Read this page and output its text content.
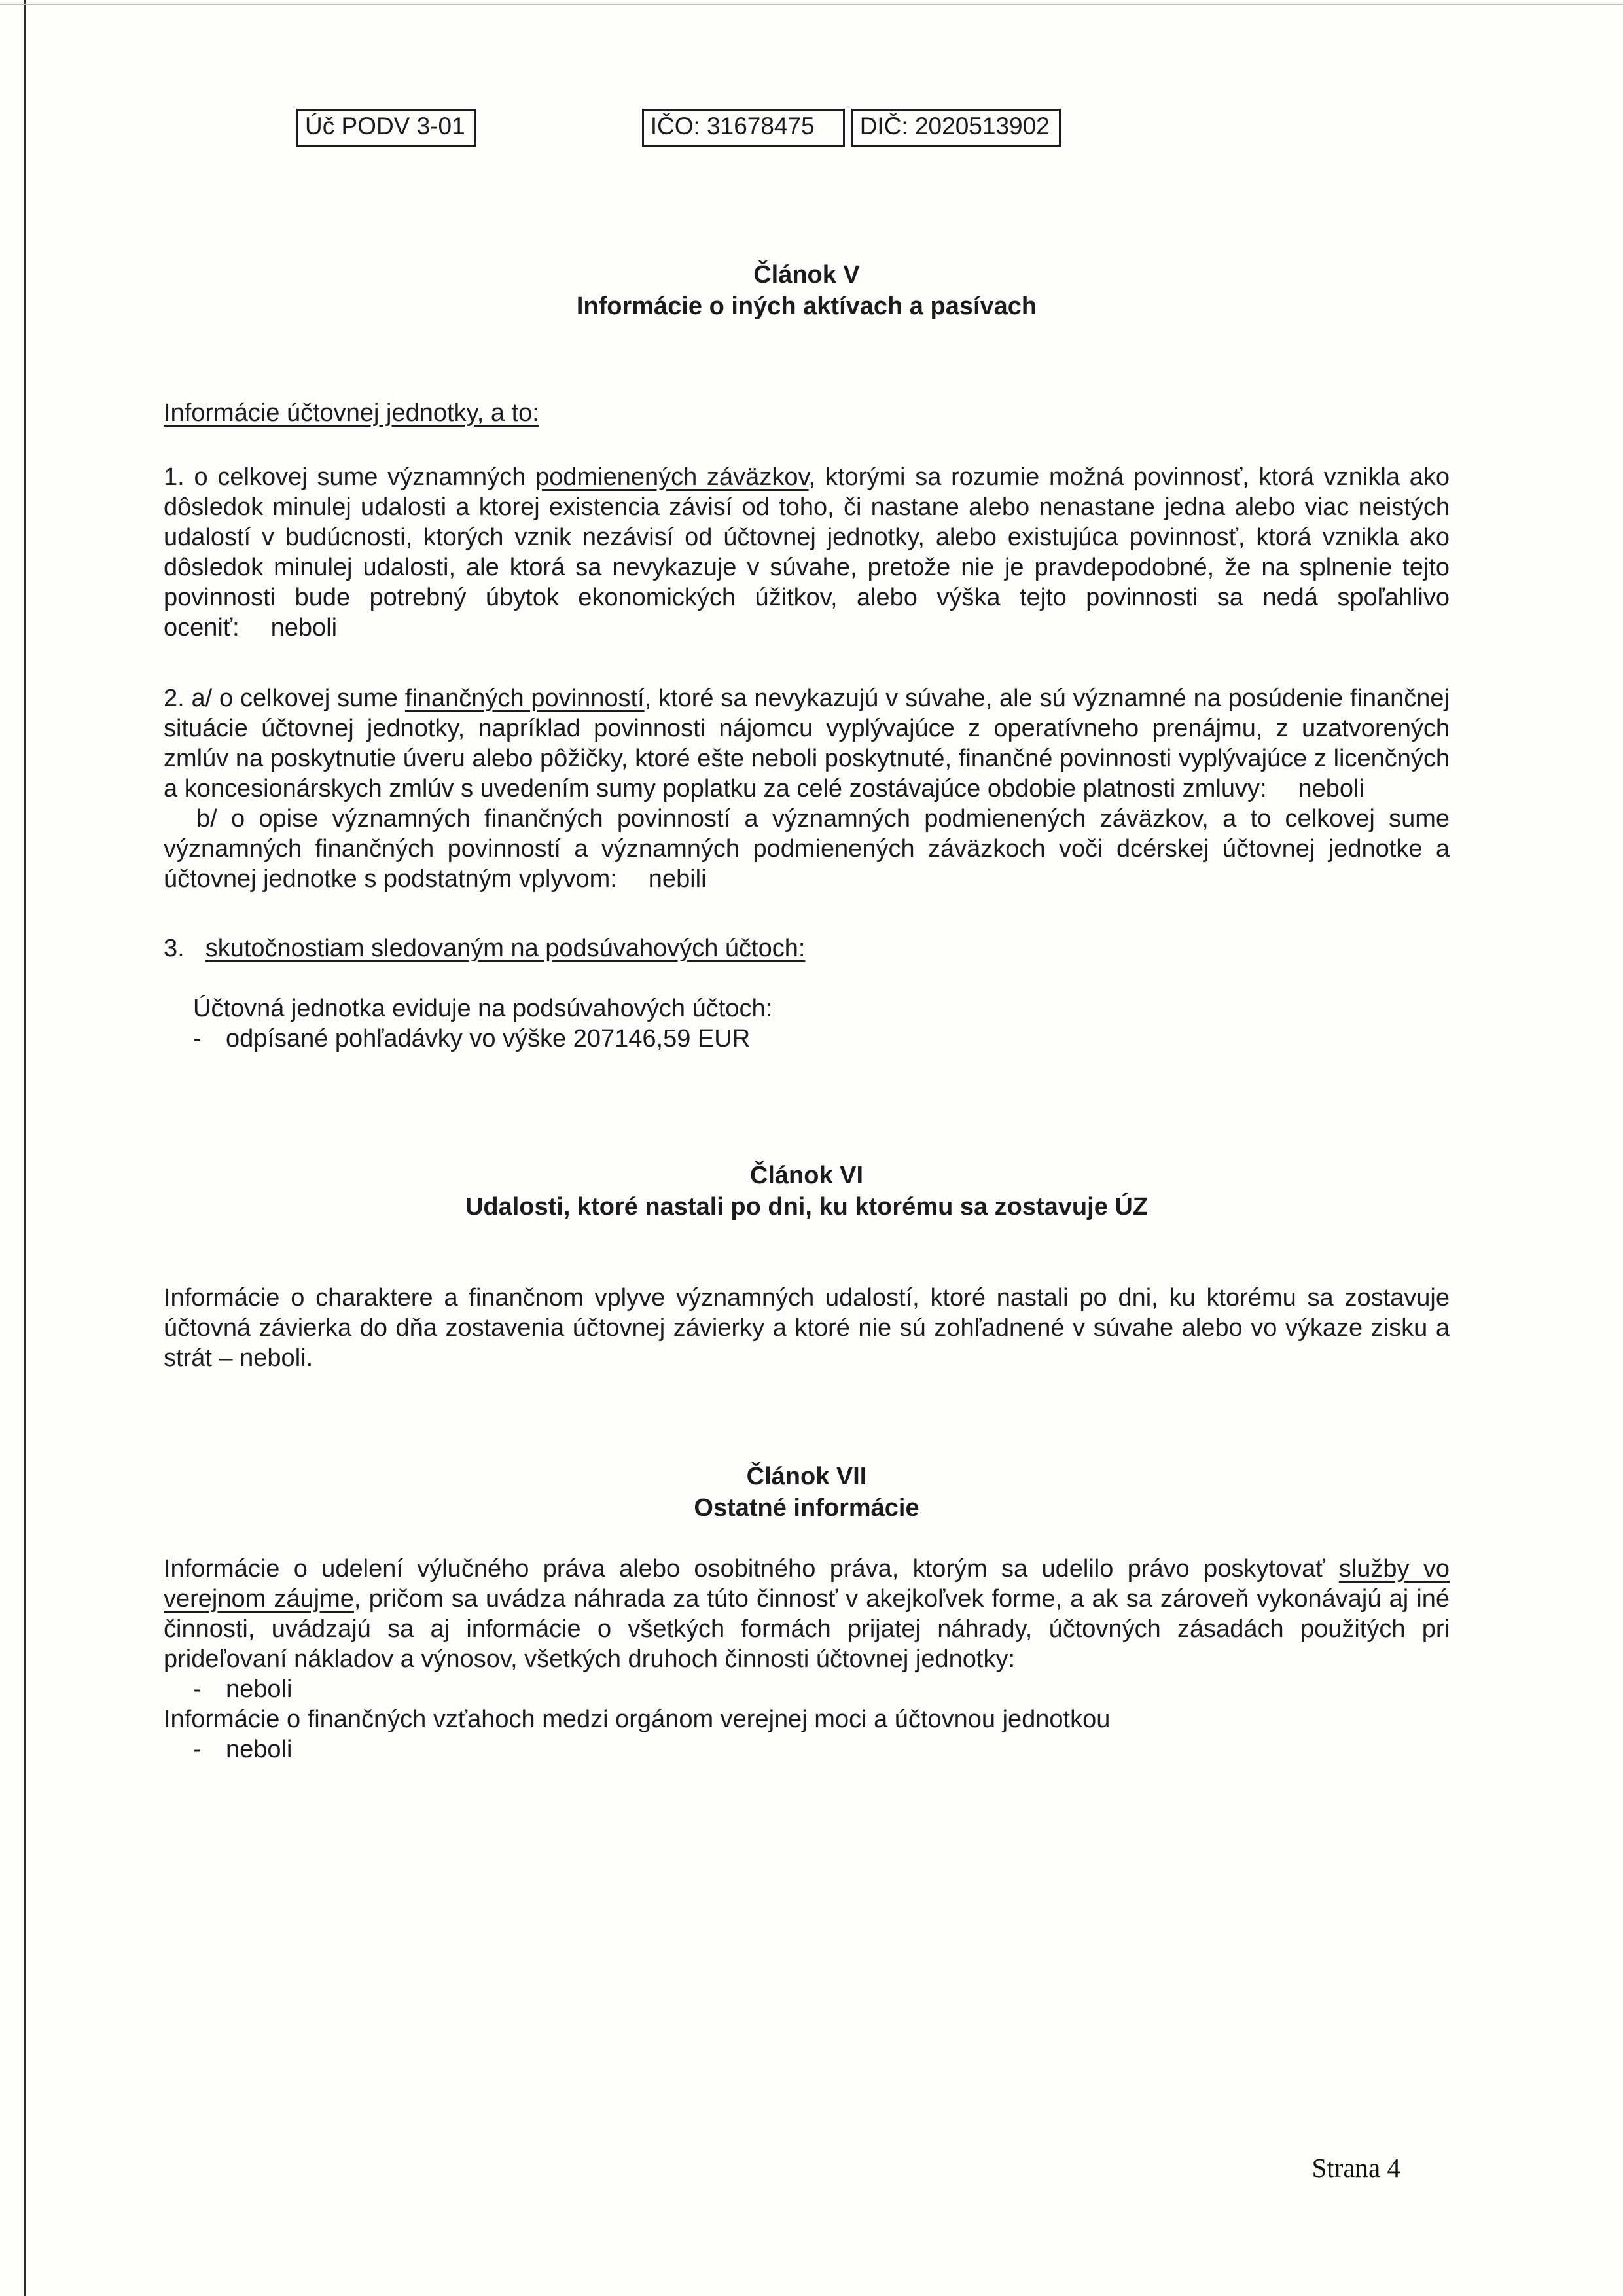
Úč PODV 3-01	IČO: 31678475	DIČ: 2020513902
Článok V
Informácie o iných aktívach a pasívach

Informácie účtovnej jednotky, a to:

1. o celkovej sume významných podmienených záväzkov, ktorými sa rozumie možná povinnosť, ktorá vznikla ako dôsledok minulej udalosti a ktorej existencia závisí od toho, či nastane alebo nenastane jedna alebo viac neistých udalostí v budúcnosti, ktorých vznik nezávisí od účtovnej jednotky, alebo existujúca povinnosť, ktorá vznikla ako dôsledok minulej udalosti, ale ktorá sa nevykazuje v súvahe, pretože nie je pravdepodobné, že na splnenie tejto povinnosti bude potrebný úbytok ekonomických úžitkov, alebo výška tejto povinnosti sa nedá spoľahlivo oceniť: neboli

2. a/ o celkovej sume finančných povinností, ktoré sa nevykazujú v súvahe, ale sú významné na posúdenie finančnej situácie účtovnej jednotky, napríklad povinnosti nájomcu vyplývajúce z operatívneho prenájmu, z uzatvorených zmlúv na poskytnutie úveru alebo pôžičky, ktoré ešte neboli poskytnuté, finančné povinnosti vyplývajúce z licenčných a koncesionárskych zmlúv s uvedením sumy poplatku za celé zostávajúce obdobie platnosti zmluvy: neboli

b/ o opise významných finančných povinností a významných podmienených záväzkov, a to celkovej sume významných finančných povinností a významných podmienených záväzkoch voči dcérskej účtovnej jednotke a účtovnej jednotke s podstatným vplyvom: nebili

3. skutočnostiam sledovaným na podsúvahových účtoch:

Účtovná jednotka eviduje na podsúvahových účtoch:

- odpísané pohľadávky vo výške 207146,59 EUR

Článok VI
Udalosti, ktoré nastali po dni, ku ktorému sa zostavuje ÚZ

Informácie o charaktere a finančnom vplyve významných udalostí, ktoré nastali po dni, ku ktorému sa zostavuje účtovná závierka do dňa zostavenia účtovnej závierky a ktoré nie sú zohľadnené v súvahe alebo vo výkaze zisku a strát – neboli.

Článok VII
Ostatné informácie

Informácie o udelení výlučného práva alebo osobitného práva, ktorým sa udelilo právo poskytovať služby vo verejnom záujme, pričom sa uvádza náhrada za túto činnosť v akejkoľvek forme, a ak sa zároveň vykonávajú aj iné činnosti, uvádzajú sa aj informácie o všetkých formách prijatej náhrady, účtovných zásadách použitých pri prideľovaní nákladov a výnosov, všetkých druhoch činnosti účtovnej jednotky:

- neboli

Informácie o finančných vzťahoch medzi orgánom verejnej moci a účtovnou jednotkou

- neboli

Strana 4
